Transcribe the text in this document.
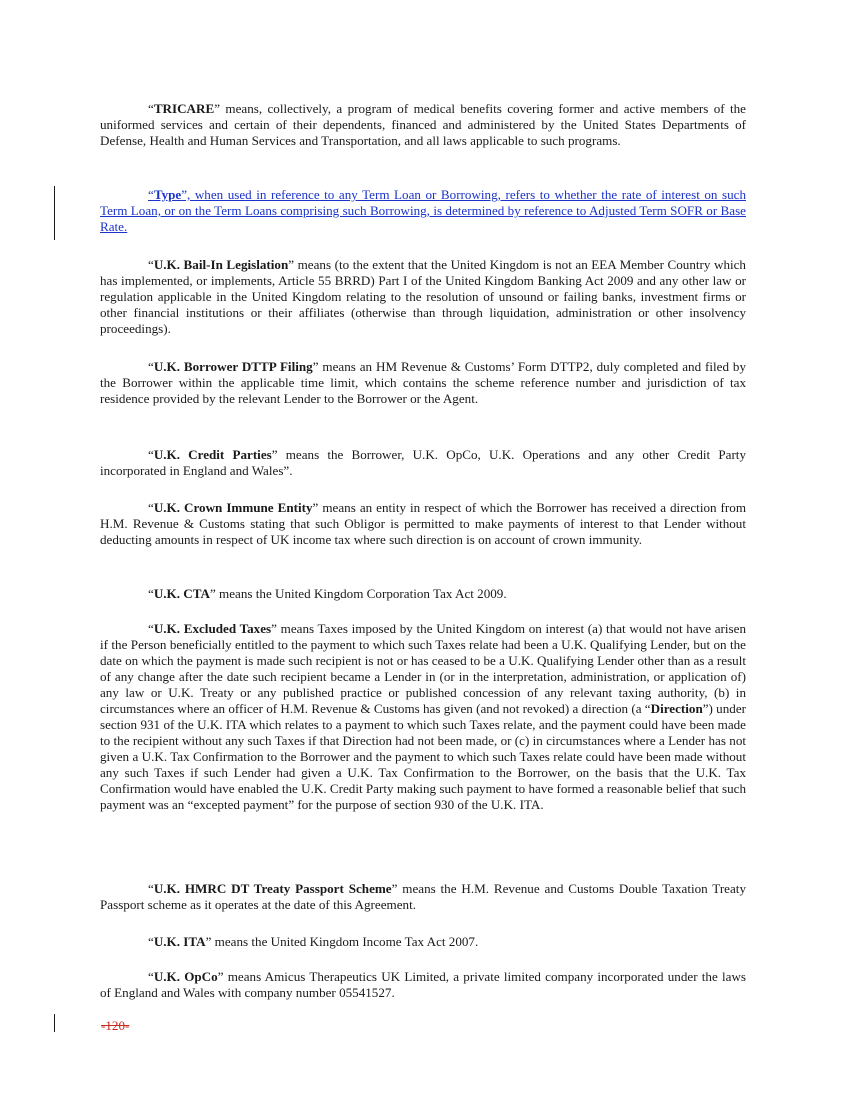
“TRICARE” means, collectively, a program of medical benefits covering former and active members of the uniformed services and certain of their dependents, financed and administered by the United States Departments of Defense, Health and Human Services and Transportation, and all laws applicable to such programs.

“Type”, when used in reference to any Term Loan or Borrowing, refers to whether the rate of interest on such Term Loan, or on the Term Loans comprising such Borrowing, is determined by reference to Adjusted Term SOFR or Base Rate.

“U.K. Bail-In Legislation” means (to the extent that the United Kingdom is not an EEA Member Country which has implemented, or implements, Article 55 BRRD) Part I of the United Kingdom Banking Act 2009 and any other law or regulation applicable in the United Kingdom relating to the resolution of unsound or failing banks, investment firms or other financial institutions or their affiliates (otherwise than through liquidation, administration or other insolvency proceedings).

“U.K. Borrower DTTP Filing” means an HM Revenue & Customs’ Form DTTP2, duly completed and filed by the Borrower within the applicable time limit, which contains the scheme reference number and jurisdiction of tax residence provided by the relevant Lender to the Borrower or the Agent.

“U.K. Credit Parties” means the Borrower, U.K. OpCo, U.K. Operations and any other Credit Party incorporated in England and Wales”.

“U.K. Crown Immune Entity” means an entity in respect of which the Borrower has received a direction from H.M. Revenue & Customs stating that such Obligor is permitted to make payments of interest to that Lender without deducting amounts in respect of UK income tax where such direction is on account of crown immunity.

“U.K. CTA” means the United Kingdom Corporation Tax Act 2009.

“U.K. Excluded Taxes” means Taxes imposed by the United Kingdom on interest (a) that would not have arisen if the Person beneficially entitled to the payment to which such Taxes relate had been a U.K. Qualifying Lender, but on the date on which the payment is made such recipient is not or has ceased to be a U.K. Qualifying Lender other than as a result of any change after the date such recipient became a Lender in (or in the interpretation, administration, or application of) any law or U.K. Treaty or any published practice or published concession of any relevant taxing authority, (b) in circumstances where an officer of H.M. Revenue & Customs has given (and not revoked) a direction (a “Direction”) under section 931 of the U.K. ITA which relates to a payment to which such Taxes relate, and the payment could have been made to the recipient without any such Taxes if that Direction had not been made, or (c) in circumstances where a Lender has not given a U.K. Tax Confirmation to the Borrower and the payment to which such Taxes relate could have been made without any such Taxes if such Lender had given a U.K. Tax Confirmation to the Borrower, on the basis that the U.K. Tax Confirmation would have enabled the U.K. Credit Party making such payment to have formed a reasonable belief that such payment was an “excepted payment” for the purpose of section 930 of the U.K. ITA.

“U.K. HMRC DT Treaty Passport Scheme” means the H.M. Revenue and Customs Double Taxation Treaty Passport scheme as it operates at the date of this Agreement.

“U.K. ITA” means the United Kingdom Income Tax Act 2007.

“U.K. OpCo” means Amicus Therapeutics UK Limited, a private limited company incorporated under the laws of England and Wales with company number 05541527.

-120-
